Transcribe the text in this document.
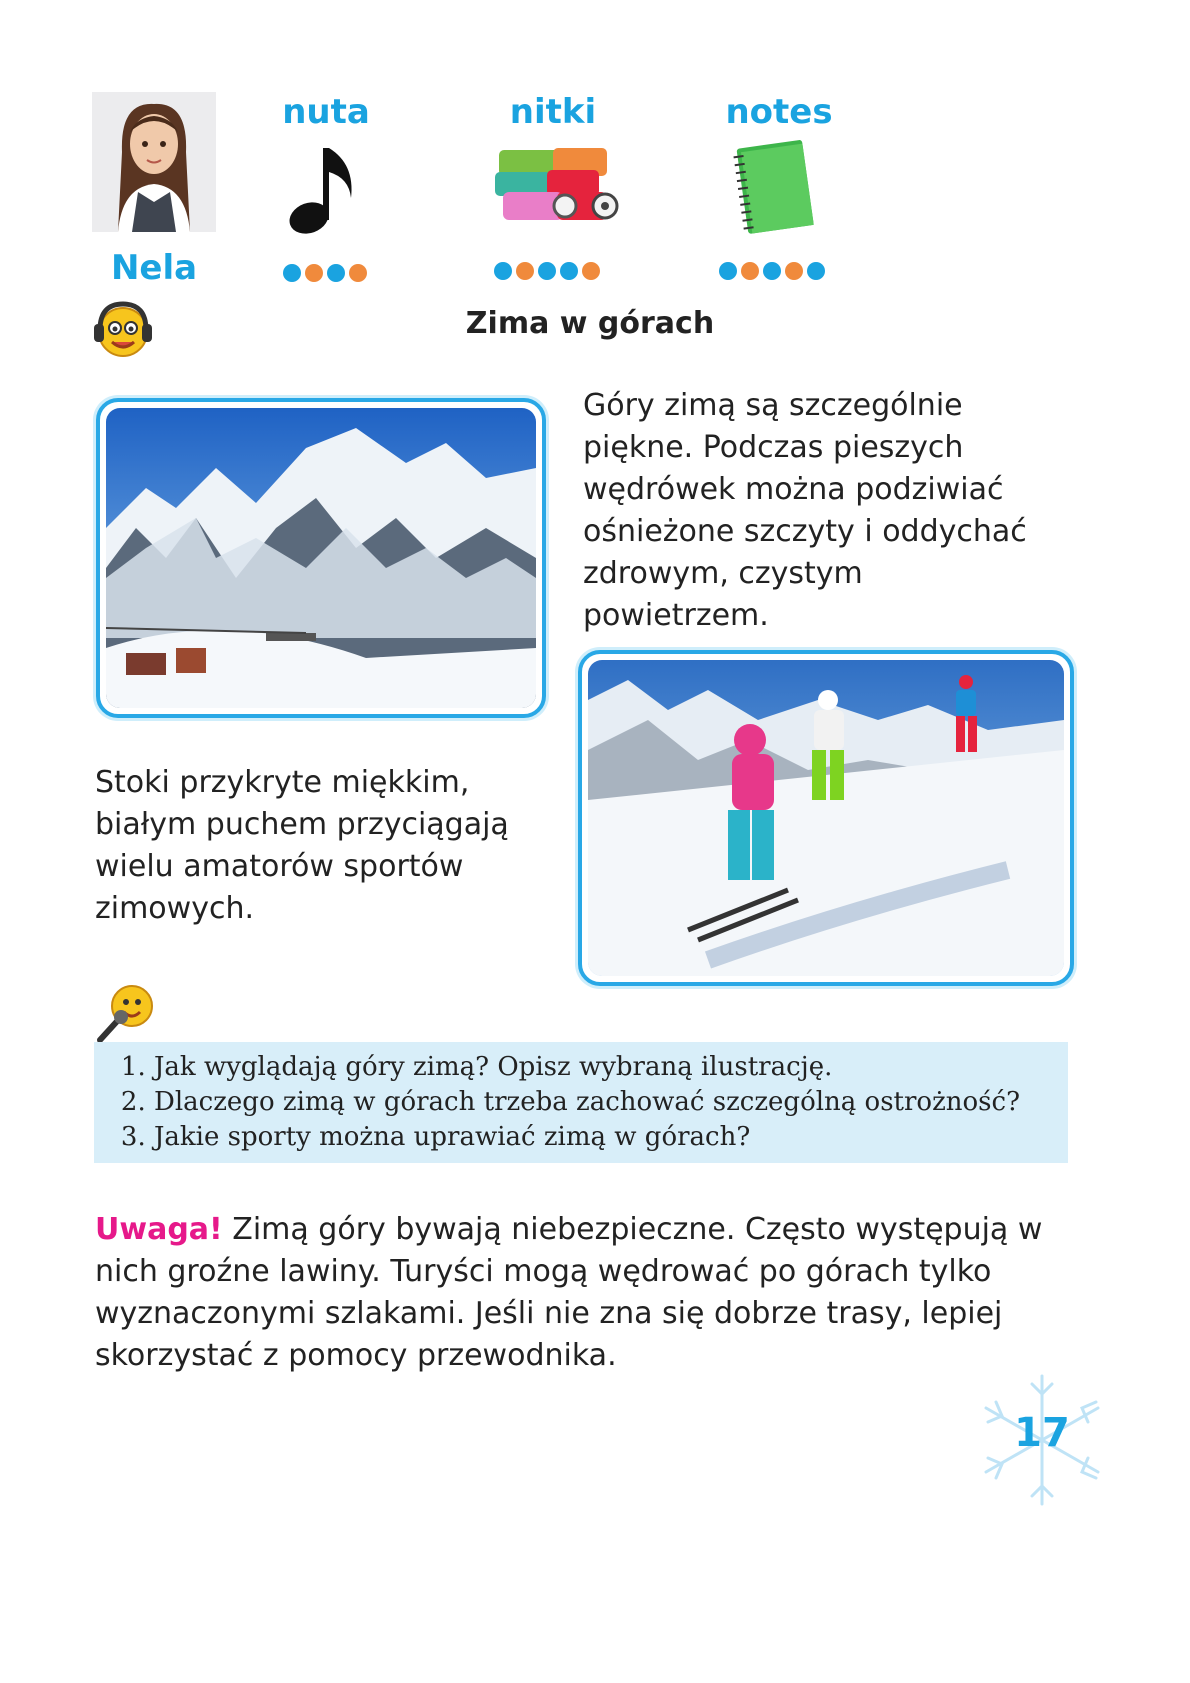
Nela
nuta	nitki	notes
Zima w górach
Góry zimą są szczególnie piękne. Podczas pieszych wędrówek można podziwiać ośnieżone szczyty i oddychać zdrowym, czystym powietrzem.
Stoki przykryte miękkim, białym puchem przyciągają wielu amatorów sportów zimowych.
1. Jak wyglądają góry zimą? Opisz wybraną ilustrację.
2. Dlaczego zimą w górach trzeba zachować szczególną ostrożność?
3. Jakie sporty można uprawiać zimą w górach?
Uwaga! Zimą góry bywają niebezpieczne. Często występują w nich groźne lawiny. Turyści mogą wędrować po górach tylko wyznaczonymi szlakami. Jeśli nie zna się dobrze trasy, lepiej skorzystać z pomocy przewodnika.
17
